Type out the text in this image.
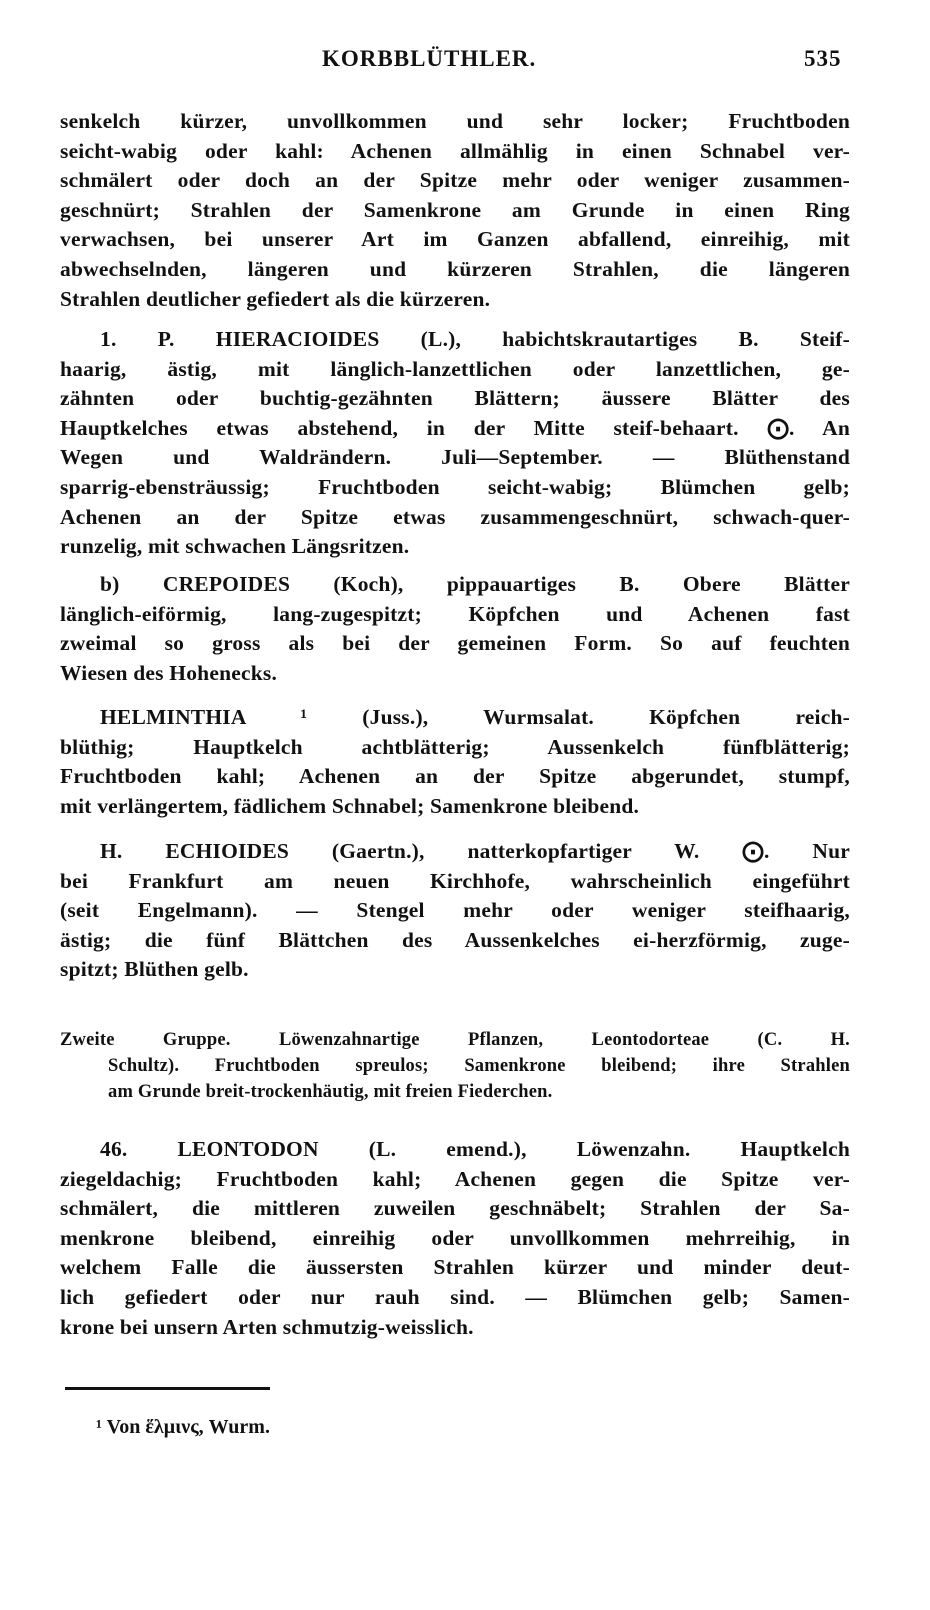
KORBBLÜTHLER.	535
senkelch kürzer, unvollkommen und sehr locker; Fruchtboden
seicht-wabig oder kahl: Achenen allmählig in einen Schnabel ver-
schmälert oder doch an der Spitze mehr oder weniger zusammen-
geschnürt; Strahlen der Samenkrone am Grunde in einen Ring
verwachsen, bei unserer Art im Ganzen abfallend, einreihig, mit
abwechselnden, längeren und kürzeren Strahlen, die längeren
Strahlen deutlicher gefiedert als die kürzeren.
1. P. HIERACIOIDES (L.), habichtskrautartiges B. Steif-
haarig, ästig, mit länglich-lanzettlichen oder lanzettlichen, ge-
zähnten oder buchtig-gezähnten Blättern; äussere Blätter des
Hauptkelches etwas abstehend, in der Mitte steif-behaart. ⨀. An
Wegen und Waldrändern. Juli—September. — Blüthenstand
sparrig-ebensträussig; Fruchtboden seicht-wabig; Blümchen gelb;
Achenen an der Spitze etwas zusammengeschnürt, schwach-quer-
runzelig, mit schwachen Längsritzen.
b) CREPOIDES (Koch), pippauartiges B. Obere Blätter
länglich-eiförmig, lang-zugespitzt; Köpfchen und Achenen fast
zweimal so gross als bei der gemeinen Form. So auf feuchten
Wiesen des Hohenecks.
HELMINTHIA ¹ (Juss.), Wurmsalat. Köpfchen reich-
blüthig; Hauptkelch achtblätterig; Aussenkelch fünfblätterig;
Fruchtboden kahl; Achenen an der Spitze abgerundet, stumpf,
mit verlängertem, fädlichem Schnabel; Samenkrone bleibend.
H. ECHIOIDES (Gaertn.), natterkopfartiger W. ⨀. Nur
bei Frankfurt am neuen Kirchhofe, wahrscheinlich eingeführt
(seit Engelmann). — Stengel mehr oder weniger steifhaarig,
ästig; die fünf Blättchen des Aussenkelches ei-herzförmig, zuge-
spitzt; Blüthen gelb.
Zweite Gruppe. Löwenzahnartige Pflanzen, Leontodorteae (C. H.
Schultz). Fruchtboden spreulos; Samenkrone bleibend; ihre Strahlen
am Grunde breit-trockenhäutig, mit freien Fiederchen.
46. LEONTODON (L. emend.), Löwenzahn. Hauptkelch
ziegeldachig; Fruchtboden kahl; Achenen gegen die Spitze ver-
schmälert, die mittleren zuweilen geschnäbelt; Strahlen der Sa-
menkrone bleibend, einreihig oder unvollkommen mehrreihig, in
welchem Falle die äussersten Strahlen kürzer und minder deut-
lich gefiedert oder nur rauh sind. — Blümchen gelb; Samen-
krone bei unsern Arten schmutzig-weisslich.
¹ Von ἕλμινς, Wurm.
